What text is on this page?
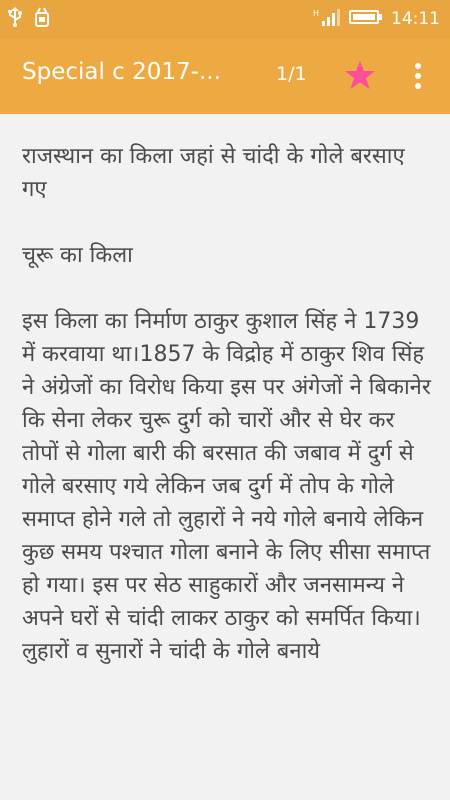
H	14:11
Special c 2017-...	1/1

राजस्थान का किला जहां से चांदी के गोले बरसाए गए

चूरू का किला

इस किला का निर्माण ठाकुर कुशाल सिंह ने 1739 में करवाया था।1857 के विद्रोह में ठाकुर शिव सिंह ने अंग्रेजों का विरोध किया इस पर अंगेजों ने बिकानेर कि सेना लेकर चुरू दुर्ग को चारों और से घेर कर तोपों से गोला बारी की बरसात की जबाव में दुर्ग से गोले बरसाए गये लेकिन जब दुर्ग में तोप के गोले समाप्त होने गले तो लुहारों ने नये गोले बनाये लेकिन कुछ समय पश्चात गोला बनाने के लिए सीसा समाप्त हो गया। इस पर सेठ साहुकारों और जनसामन्य ने अपने घरों से चांदी लाकर ठाकुर को समर्पित किया। लुहारों व सुनारों ने चांदी के गोले बनाये
